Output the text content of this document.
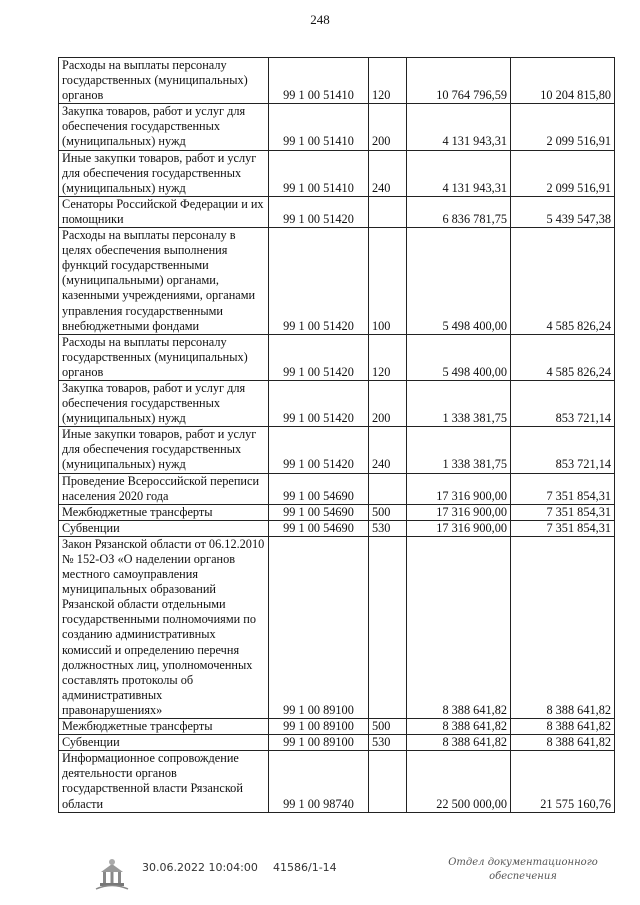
248
Расходы на выплаты персоналу государственных (муниципальных) органов	99 1 00 51410	120	10 764 796,59	10 204 815,80
Закупка товаров, работ и услуг для обеспечения государственных (муниципальных) нужд	99 1 00 51410	200	4 131 943,31	2 099 516,91
Иные закупки товаров, работ и услуг для обеспечения государственных (муниципальных) нужд	99 1 00 51410	240	4 131 943,31	2 099 516,91
Сенаторы Российской Федерации и их помощники	99 1 00 51420		6 836 781,75	5 439 547,38
Расходы на выплаты персоналу в целях обеспечения выполнения функций государственными (муниципальными) органами, казенными учреждениями, органами управления государственными внебюджетными фондами	99 1 00 51420	100	5 498 400,00	4 585 826,24
Расходы на выплаты персоналу государственных (муниципальных) органов	99 1 00 51420	120	5 498 400,00	4 585 826,24
Закупка товаров, работ и услуг для обеспечения государственных (муниципальных) нужд	99 1 00 51420	200	1 338 381,75	853 721,14
Иные закупки товаров, работ и услуг для обеспечения государственных (муниципальных) нужд	99 1 00 51420	240	1 338 381,75	853 721,14
Проведение Всероссийской переписи населения 2020 года	99 1 00 54690		17 316 900,00	7 351 854,31
Межбюджетные трансферты	99 1 00 54690	500	17 316 900,00	7 351 854,31
Субвенции	99 1 00 54690	530	17 316 900,00	7 351 854,31
Закон Рязанской области от 06.12.2010 № 152-ОЗ «О наделении органов местного самоуправления муниципальных образований Рязанской области отдельными государственными полномочиями по созданию административных комиссий и определению перечня должностных лиц, уполномоченных составлять протоколы об административных правонарушениях»	99 1 00 89100		8 388 641,82	8 388 641,82
Межбюджетные трансферты	99 1 00 89100	500	8 388 641,82	8 388 641,82
Субвенции	99 1 00 89100	530	8 388 641,82	8 388 641,82
Информационное сопровождение деятельности органов государственной власти Рязанской области	99 1 00 98740		22 500 000,00	21 575 160,76
30.06.2022 10:04:00 41586/1-14	Отдел документационного
обеспечения
